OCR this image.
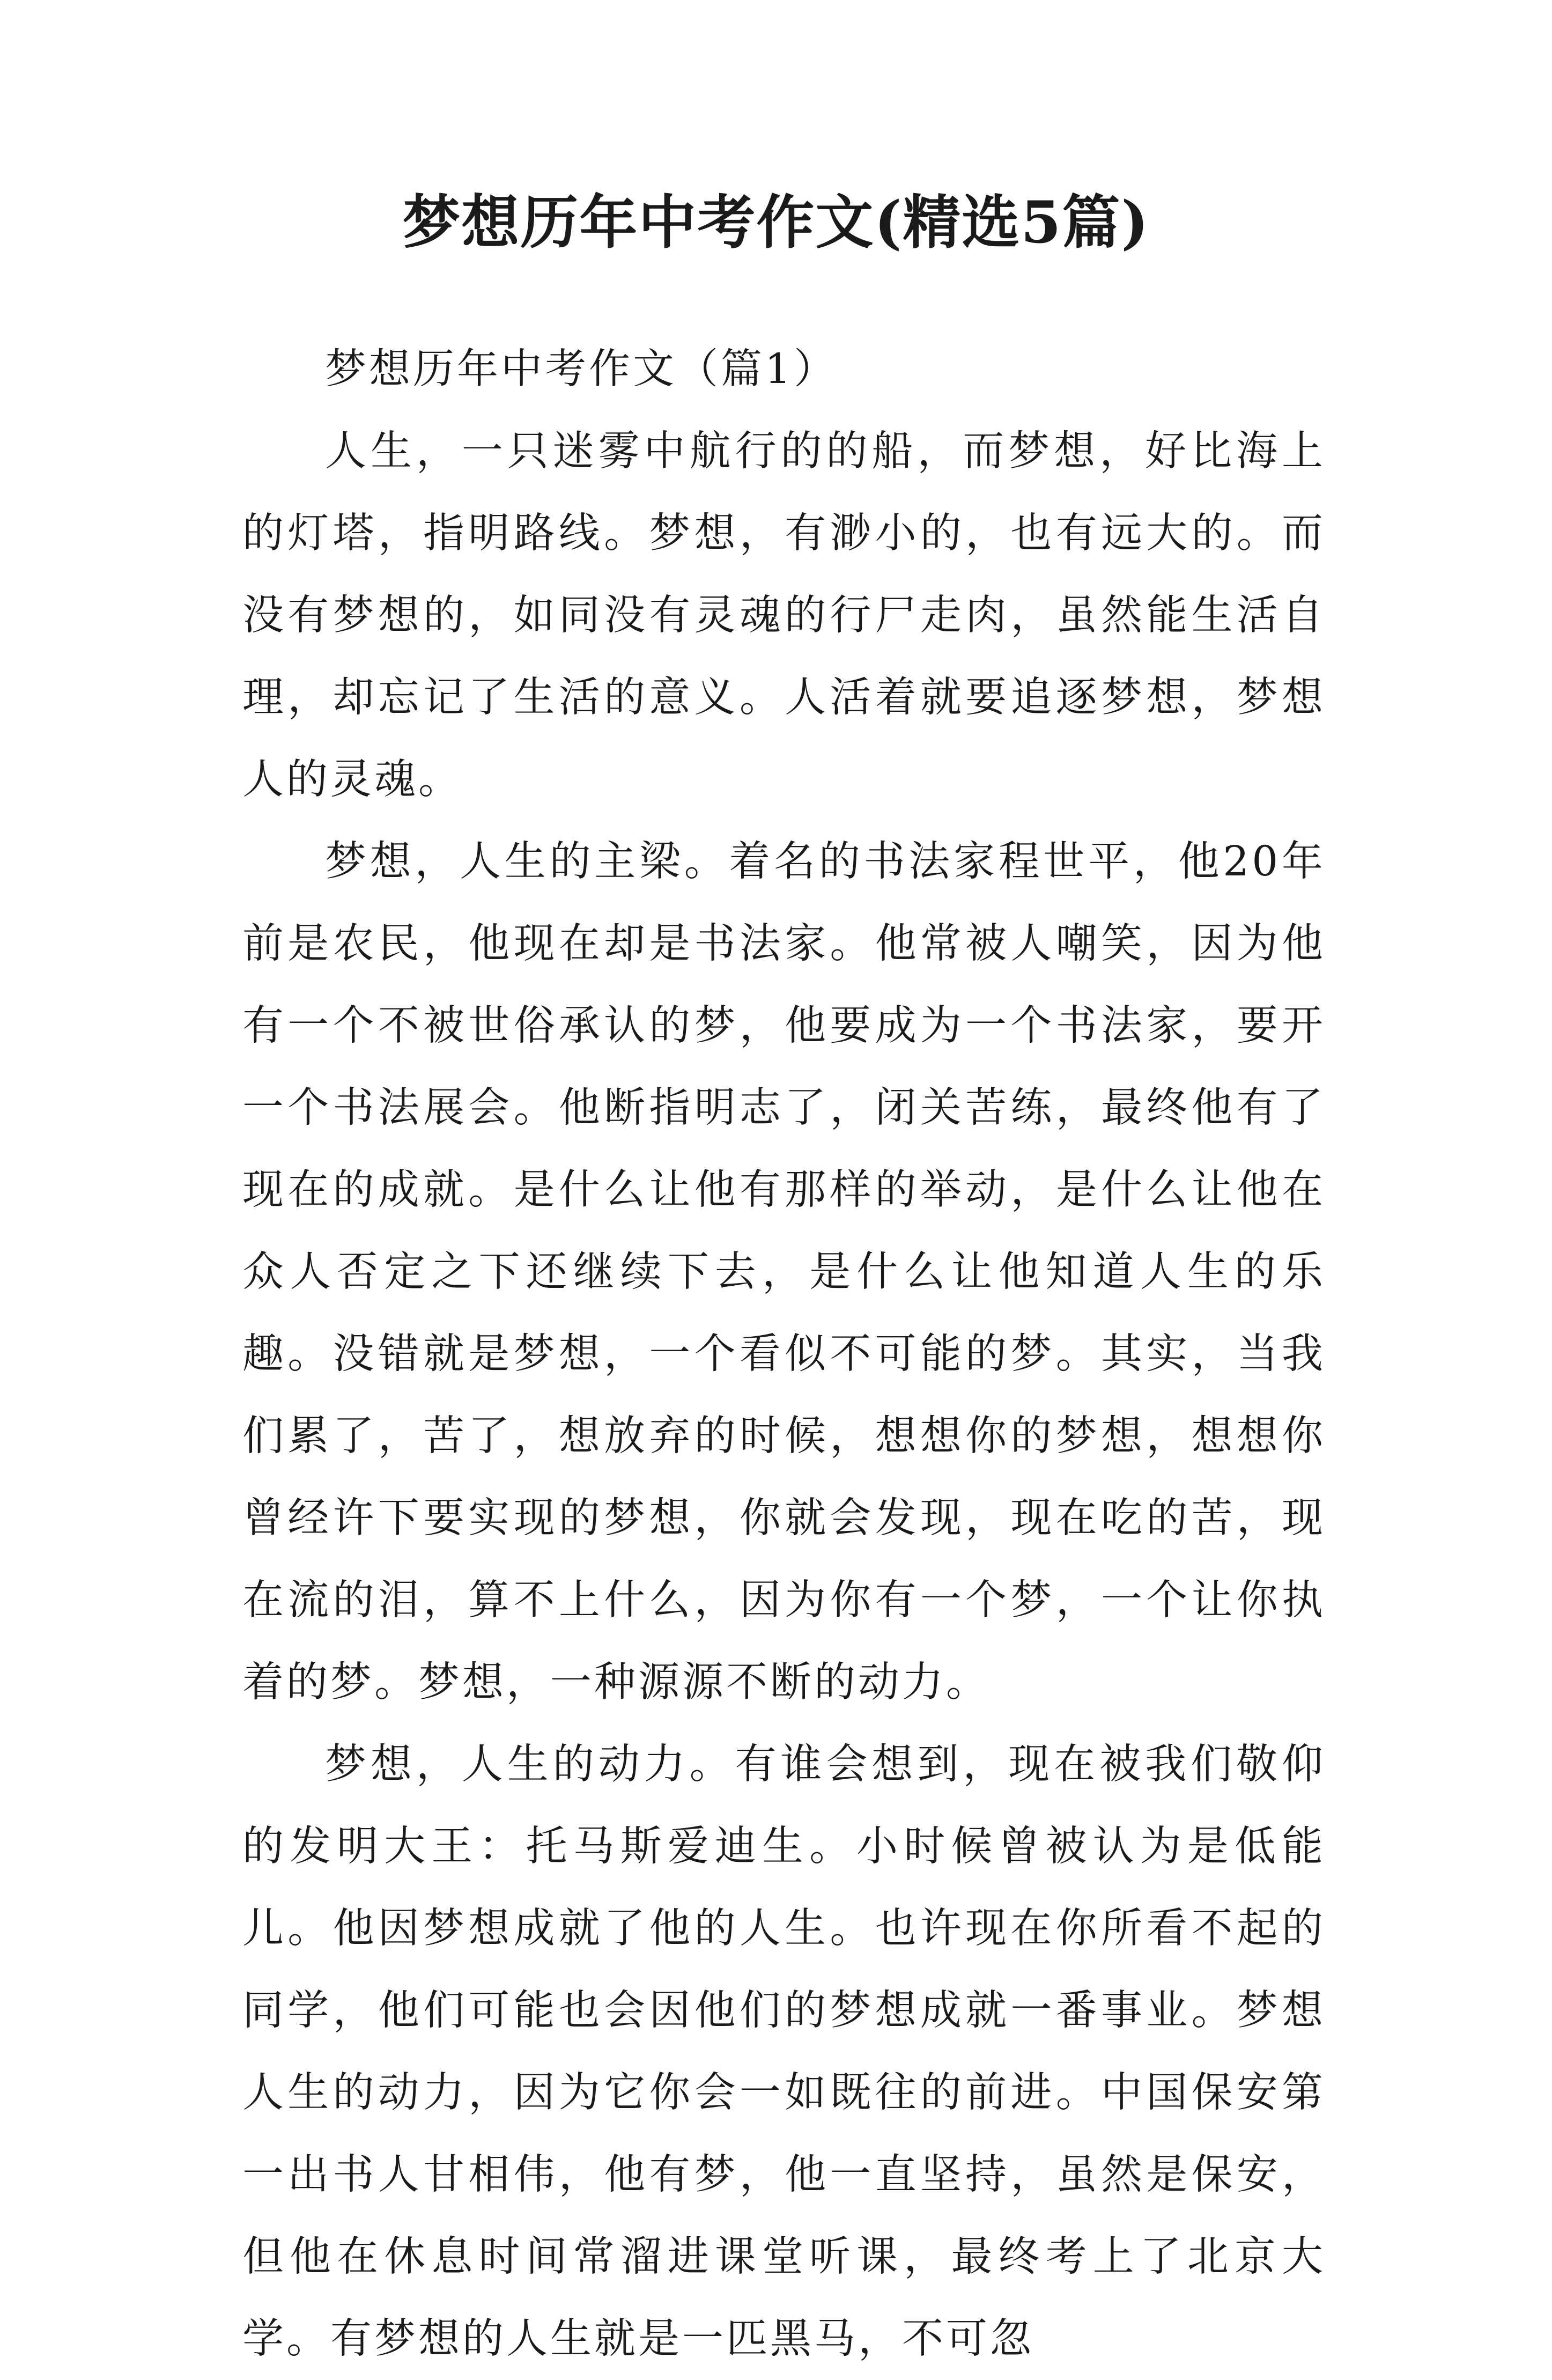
梦想历年中考作文(精选5篇)

梦想历年中考作文（篇1）

人生，一只迷雾中航行的的船，而梦想，好比海上的灯塔，指明路线。梦想，有渺小的，也有远大的。而没有梦想的，如同没有灵魂的行尸走肉，虽然能生活自理，却忘记了生活的意义。人活着就要追逐梦想，梦想人的灵魂。

梦想，人生的主梁。着名的书法家程世平，他20年前是农民，他现在却是书法家。他常被人嘲笑，因为他有一个不被世俗承认的梦，他要成为一个书法家，要开一个书法展会。他断指明志了，闭关苦练，最终他有了现在的成就。是什么让他有那样的举动，是什么让他在众人否定之下还继续下去，是什么让他知道人生的乐趣。没错就是梦想，一个看似不可能的梦。其实，当我们累了，苦了，想放弃的时候，想想你的梦想，想想你曾经许下要实现的梦想，你就会发现，现在吃的苦，现在流的泪，算不上什么，因为你有一个梦，一个让你执着的梦。梦想，一种源源不断的动力。

梦想，人生的动力。有谁会想到，现在被我们敬仰的发明大王：托马斯爱迪生。小时候曾被认为是低能儿。他因梦想成就了他的人生。也许现在你所看不起的同学，他们可能也会因他们的梦想成就一番事业。梦想人生的动力，因为它你会一如既往的前进。中国保安第一出书人甘相伟，他有梦，他一直坚持，虽然是保安，但他在休息时间常溜进课堂听课，最终考上了北京大学。有梦想的人生就是一匹黑马，不可忽
